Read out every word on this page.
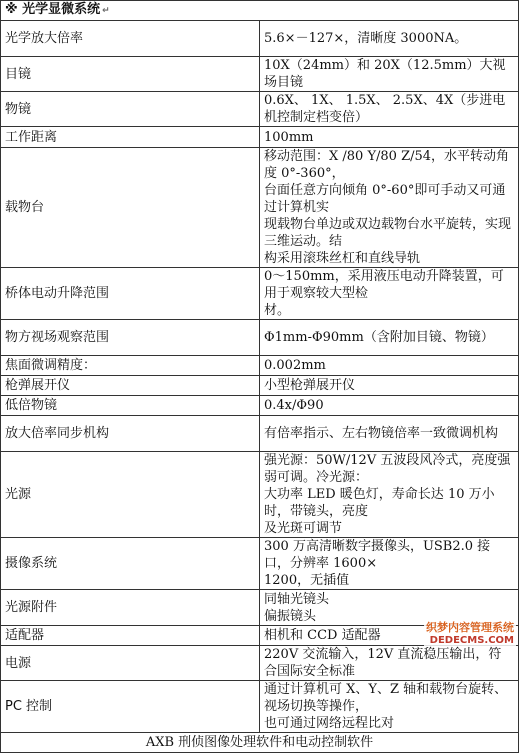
※ 光学显微系统 ↵	
光学放大倍率	5.6×－127×，清晰度 3000NA。

目镜	10X（24mm）和 20X（12.5mm）大视场目镜

物镜	0.6X、 1X、 1.5X、 2.5X、4X（步进电机控制定档变倍）

工作距离	100mm

载物台	移动范围：X /80 Y/80 Z/54，水平转动角度 0°-360°，
台面任意方向倾角 0°-60°即可手动又可通过计算机实
现载物台单边或双边载物台水平旋转，实现三维运动。结
构采用滚珠丝杠和直线导轨

桥体电动升降范围	0～150mm，采用液压电动升降装置，可用于观察较大型检
材。

物方视场观察范围	Φ1mm-Φ90mm（含附加目镜、物镜）

焦面微调精度：	0.002mm

枪弹展开仪	小型枪弹展开仪

低倍物镜	0.4x/Φ90

放大倍率同步机构	有倍率指示、左右物镜倍率一致微调机构

光源	强光源：50W/12V 五波段风冷式，亮度强弱可调。冷光源：
大功率 LED 暖色灯，寿命长达 10 万小时，带镜头，亮度
及光斑可调节

摄像系统	300 万高清晰数字摄像头，USB2.0 接口，分辨率 1600×
1200，无插值

光源附件	同轴光镜头
偏振镜头

适配器	相机和 CCD 适配器

电源	220V 交流输入，12V 直流稳压输出，符合国际安全标准

PC 控制	通过计算机可 X、Y、Z 轴和载物台旋转、视场切换等操作，
也可通过网络远程比对

AXB 刑侦图像处理软件和电动控制软件	
织梦内容管理系统
DEDECMS.COM
